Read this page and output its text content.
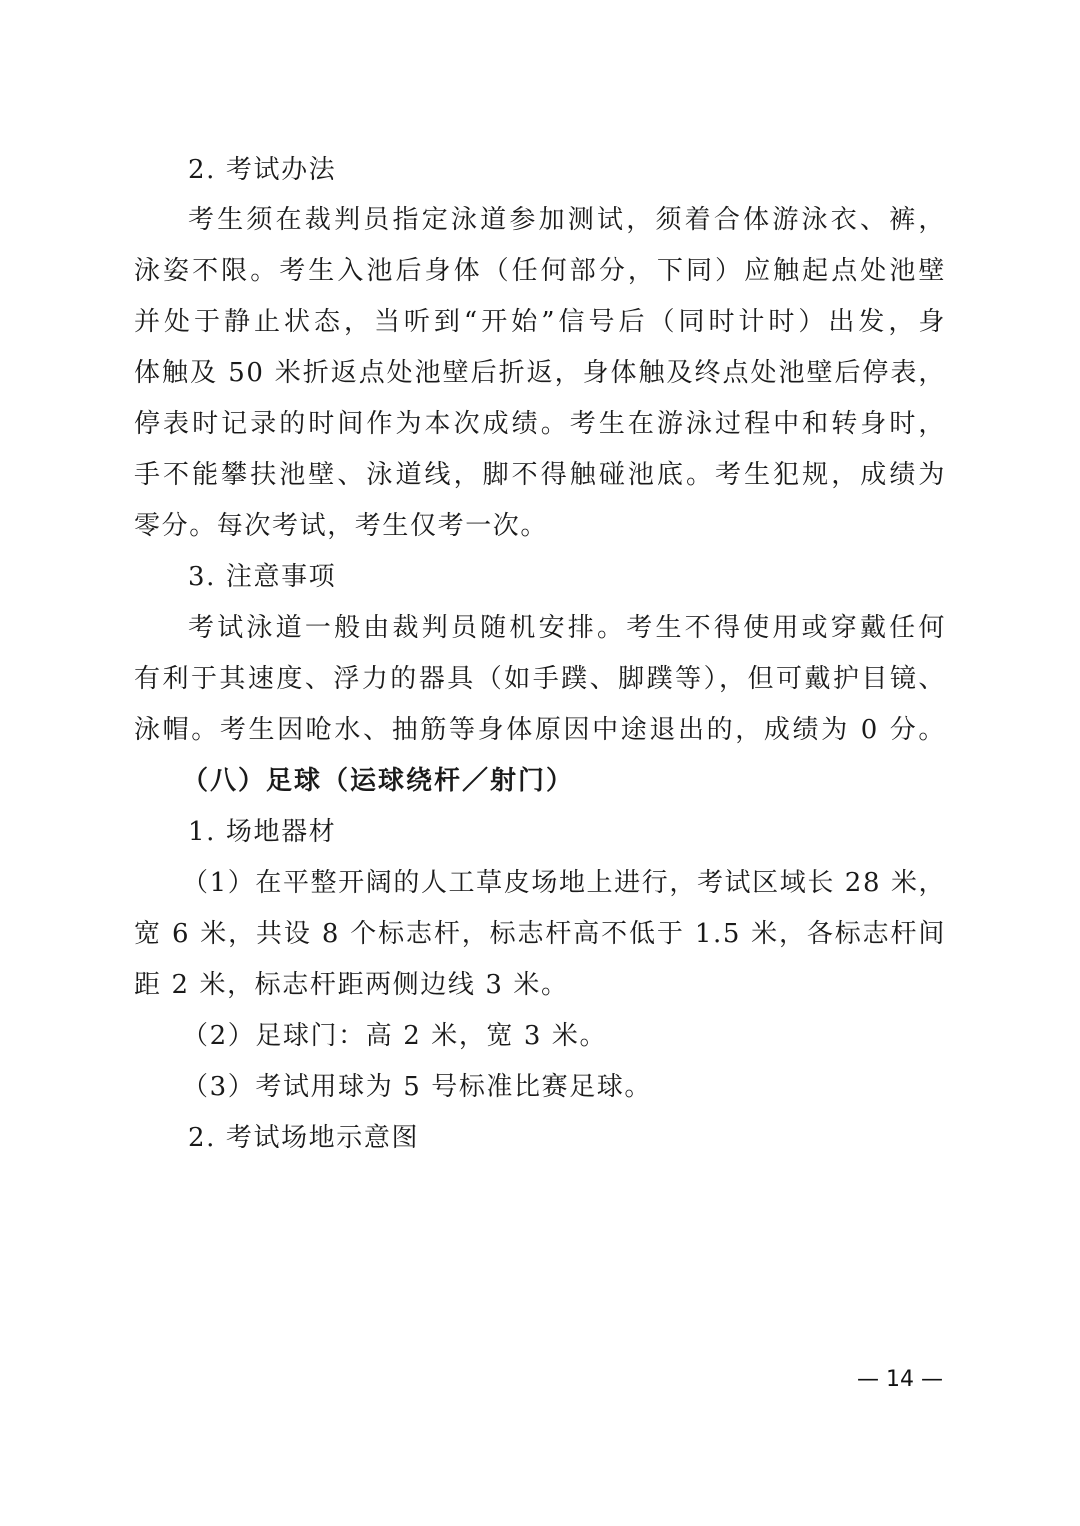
2. 考试办法
考生须在裁判员指定泳道参加测试，须着合体游泳衣、裤，
泳姿不限。考生入池后身体（任何部分，下同）应触起点处池壁
并处于静止状态，当听到“开始”信号后（同时计时）出发，身
体触及 50 米折返点处池壁后折返，身体触及终点处池壁后停表，
停表时记录的时间作为本次成绩。考生在游泳过程中和转身时，
手不能攀扶池壁、泳道线，脚不得触碰池底。考生犯规，成绩为
零分。每次考试，考生仅考一次。
3. 注意事项
考试泳道一般由裁判员随机安排。考生不得使用或穿戴任何
有利于其速度、浮力的器具（如手蹼、脚蹼等），但可戴护目镜、
泳帽。考生因呛水、抽筋等身体原因中途退出的，成绩为 0 分。
（八）足球（运球绕杆／射门）
1. 场地器材
（1）在平整开阔的人工草皮场地上进行，考试区域长 28 米，
宽 6 米，共设 8 个标志杆，标志杆高不低于 1.5 米，各标志杆间
距 2 米，标志杆距两侧边线 3 米。
（2）足球门：高 2 米，宽 3 米。
（3）考试用球为 5 号标准比赛足球。
2. 考试场地示意图
— 14 —
